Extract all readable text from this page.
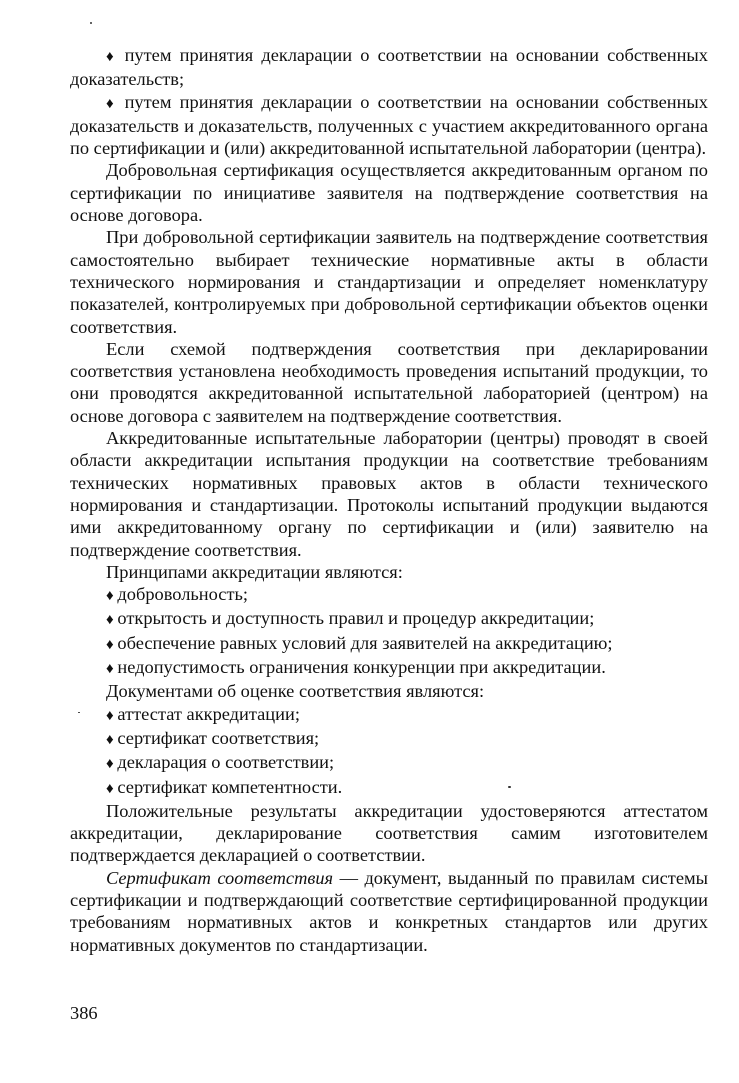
♦ путем принятия декларации о соответствии на основании собственных доказательств;

♦ путем принятия декларации о соответствии на основании собственных доказательств и доказательств, полученных с участием аккредитованного органа по сертификации и (или) аккредитованной испытательной лаборатории (центра).

Добровольная сертификация осуществляется аккредитованным органом по сертификации по инициативе заявителя на подтверждение соответствия на основе договора.

При добровольной сертификации заявитель на подтверждение соответствия самостоятельно выбирает технические нормативные акты в области технического нормирования и стандартизации и определяет номенклатуру показателей, контролируемых при добровольной сертификации объектов оценки соответствия.

Если схемой подтверждения соответствия при декларировании соответствия установлена необходимость проведения испытаний продукции, то они проводятся аккредитованной испытательной лабораторией (центром) на основе договора с заявителем на подтверждение соответствия.

Аккредитованные испытательные лаборатории (центры) проводят в своей области аккредитации испытания продукции на соответствие требованиям технических нормативных правовых актов в области технического нормирования и стандартизации. Протоколы испытаний продукции выдаются ими аккредитованному органу по сертификации и (или) заявителю на подтверждение соответствия.

Принципами аккредитации являются:

♦ добровольность;

♦ открытость и доступность правил и процедур аккредитации;

♦ обеспечение равных условий для заявителей на аккредитацию;

♦ недопустимость ограничения конкуренции при аккредитации.

Документами об оценке соответствия являются:

♦ аттестат аккредитации;

♦ сертификат соответствия;

♦ декларация о соответствии;

♦ сертификат компетентности.

Положительные результаты аккредитации удостоверяются аттестатом аккредитации, декларирование соответствия самим изготовителем подтверждается декларацией о соответствии.

Сертификат соответствия — документ, выданный по правилам системы сертификации и подтверждающий соответствие сертифицированной продукции требованиям нормативных актов и конкретных стандартов или других нормативных документов по стандартизации.

386
